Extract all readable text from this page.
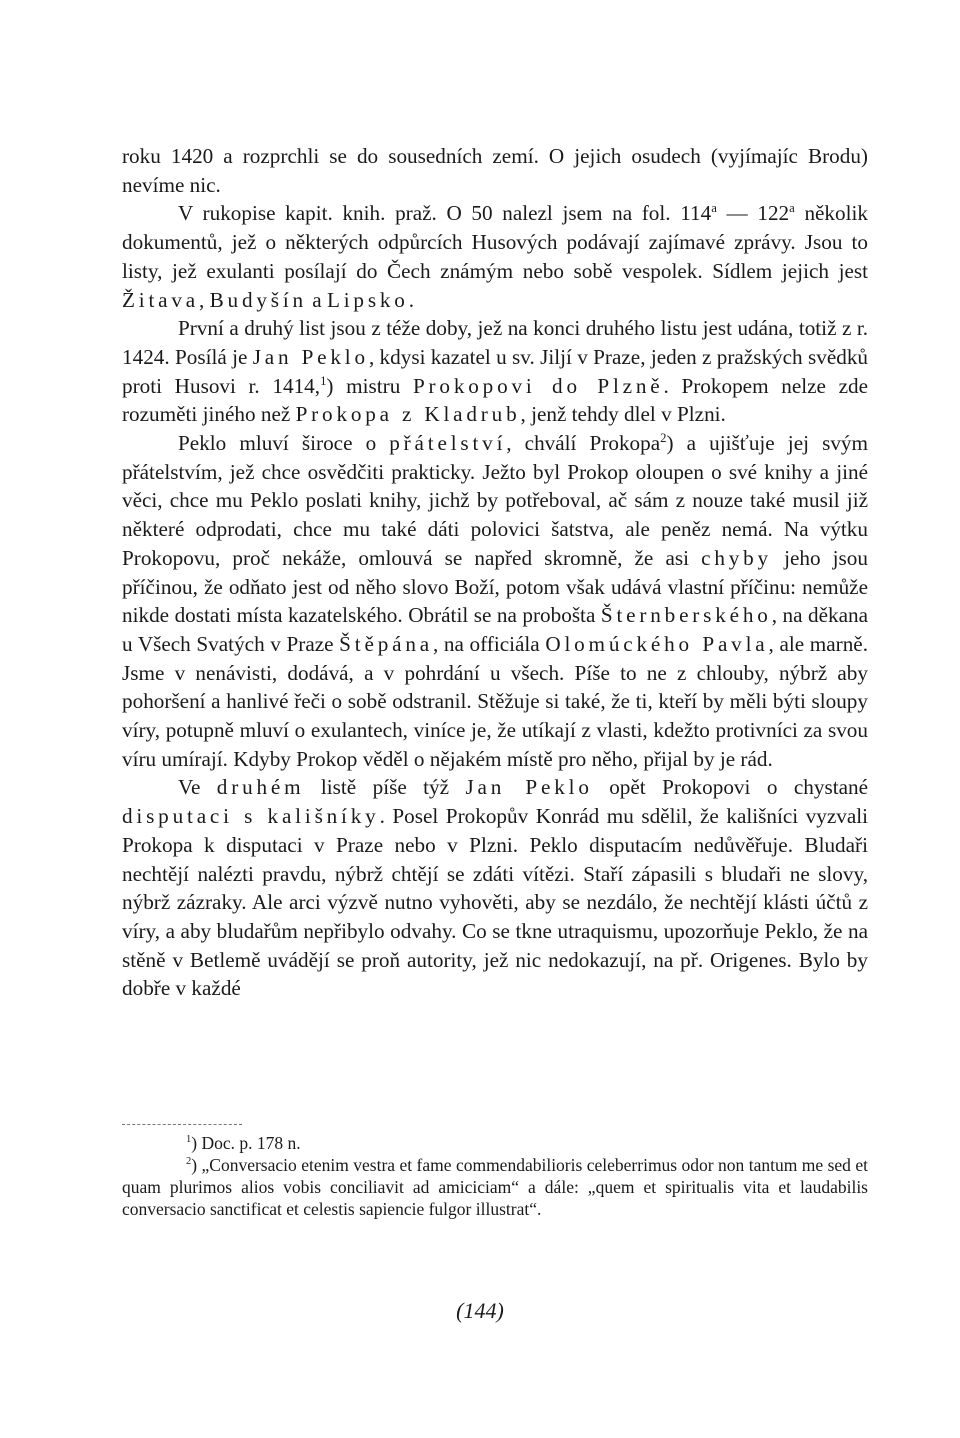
roku 1420 a rozprchli se do sousedních zemí. O jejich osudech (vyjímajíc Brodu) nevíme nic.

V rukopise kapit. knih. praž. O 50 nalezl jsem na fol. 114$^a$ — 122$^a$ několik dokumentů, jež o některých odpůrcích Husových podávají zajímavé zprávy. Jsou to listy, jež exulanti posílají do Čech známým nebo sobě vespolek. Sídlem jejich jest Žitava, Budyšín a Lipsko.

První a druhý list jsou z téže doby, jež na konci druhého listu jest udána, totiž z r. 1424. Posílá je Jan Peklo, kdysi kazatel u sv. Jiljí v Praze, jeden z pražských svědků proti Husovi r. 1414,$^1$) mistru Prokopovi do Plzně. Prokopem nelze zde rozuměti jiného než Prokopa z Kladrub, jenž tehdy dlel v Plzni.

Peklo mluví široce o přátelství, chválí Prokopa$^2$) a ujišťuje jej svým přátelstvím, jež chce osvědčiti prakticky. Ježto byl Prokop oloupen o své knihy a jiné věci, chce mu Peklo poslati knihy, jichž by potřeboval, ač sám z nouze také musil již některé odprodati, chce mu také dáti polovici šatstva, ale peněz nemá. Na výtku Prokopovu, proč nekáže, omlouvá se napřed skromně, že asi chyby jeho jsou příčinou, že odňato jest od něho slovo Boží, potom však udává vlastní příčinu: nemůže nikde dostati místa kazatelského. Obrátil se na proboštа Šternberského, na děkana u Všech Svatých v Praze Štěpána, na officiála Olomúckého Pavla, ale marně. Jsme v nenávisti, dodává, a v pohrdání u všech. Píše to ne z chlouby, nýbrž aby pohoršení a hanlivé řeči o sobě odstranil. Stěžuje si také, že ti, kteří by měli býti sloupy víry, potupně mluví o exulantech, viníce je, že utíkají z vlasti, kdežto protivníci za svou víru umírají. Kdyby Prokop věděl o nějakém místě pro něho, přijal by je rád.

Ve druhém listě píše týž Jan Peklo opět Prokopovi o chystané disputaci s kališníky. Posel Prokopův Konrád mu sdělil, že kališníci vyzvali Prokopa k disputaci v Praze nebo v Plzni. Peklo disputacím nedůvěřuje. Bludaři nechtějí nalézti pravdu, nýbrž chtějí se zdáti vítězi. Staří zápasili s bludaři ne slovy, nýbrž zázraky. Ale arci výzvě nutno vyhověti, aby se nezdálo, že nechtějí klásti účtů z víry, a aby bludařům nepřibylo odvahy. Co se tkne utraquismu, upozorňuje Peklo, že na stěně v Betlemě uvádějí se proň autority, jež nic nedokazují, na př. Origenes. Bylo by dobře v každé

$^1$) Doc. p. 178 n.

$^2$) „Conversacio etenim vestra et fame commendabilioris celeberrimus odor non tantum me sed et quam plurimos alios vobis conciliavit ad amiciciam“ a dále: „quem et spiritualis vita et laudabilis conversacio sanctificat et celestis sapiencie fulgor illustrat“.

(144)
